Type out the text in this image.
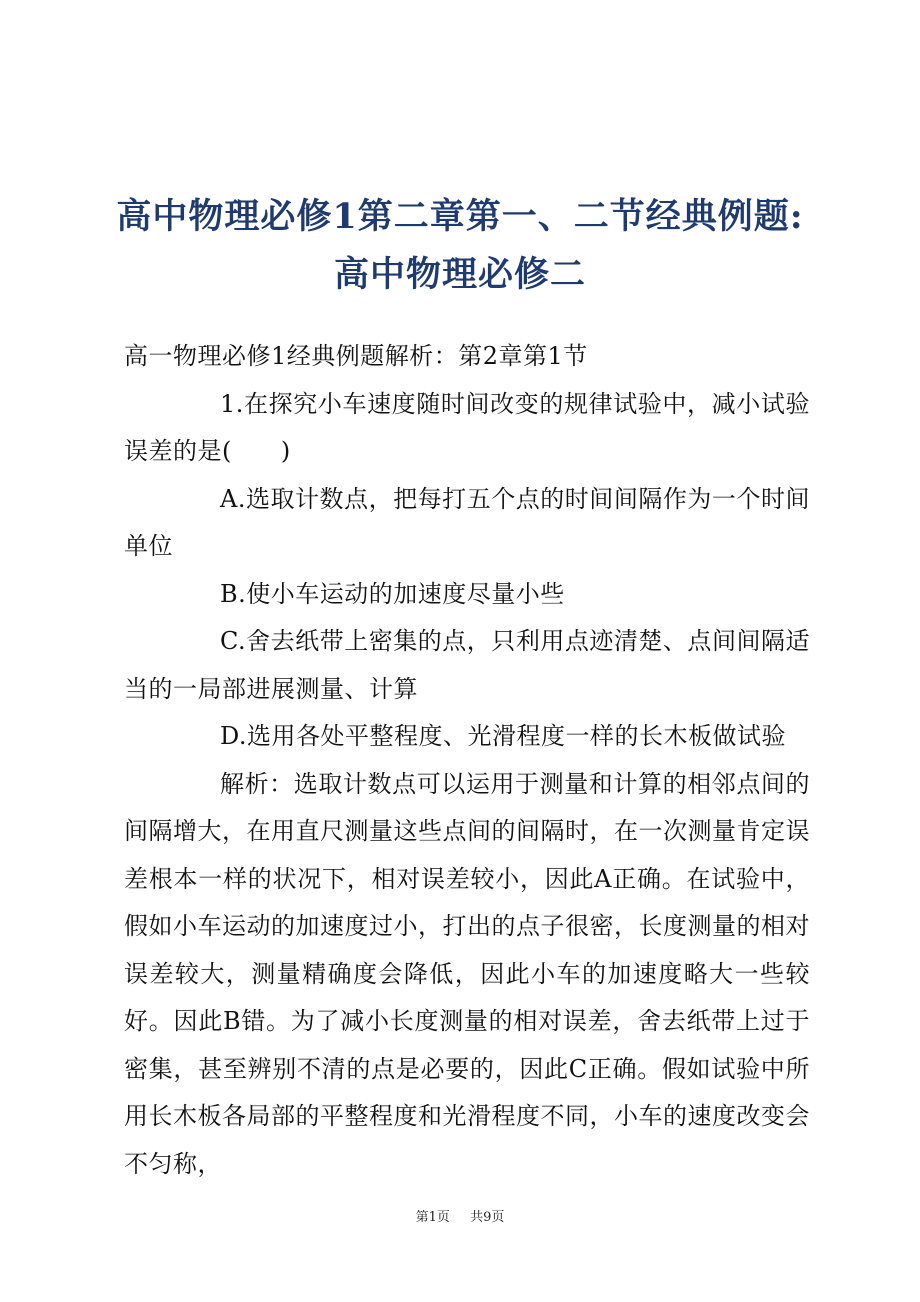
高中物理必修1第二章第一、二节经典例题:高中物理必修二

高一物理必修1经典例题解析：第2章第1节

1.在探究小车速度随时间改变的规律试验中，减小试验误差的是(　　)

A.选取计数点，把每打五个点的时间间隔作为一个时间单位

B.使小车运动的加速度尽量小些

C.舍去纸带上密集的点，只利用点迹清楚、点间间隔适当的一局部进展测量、计算

D.选用各处平整程度、光滑程度一样的长木板做试验

解析：选取计数点可以运用于测量和计算的相邻点间的间隔增大，在用直尺测量这些点间的间隔时，在一次测量肯定误差根本一样的状况下，相对误差较小，因此A正确。在试验中，假如小车运动的加速度过小，打出的点子很密，长度测量的相对误差较大，测量精确度会降低，因此小车的加速度略大一些较好。因此B错。为了减小长度测量的相对误差，舍去纸带上过于密集，甚至辨别不清的点是必要的，因此C正确。假如试验中所用长木板各局部的平整程度和光滑程度不同，小车的速度改变会不匀称，

第1页 共9页
